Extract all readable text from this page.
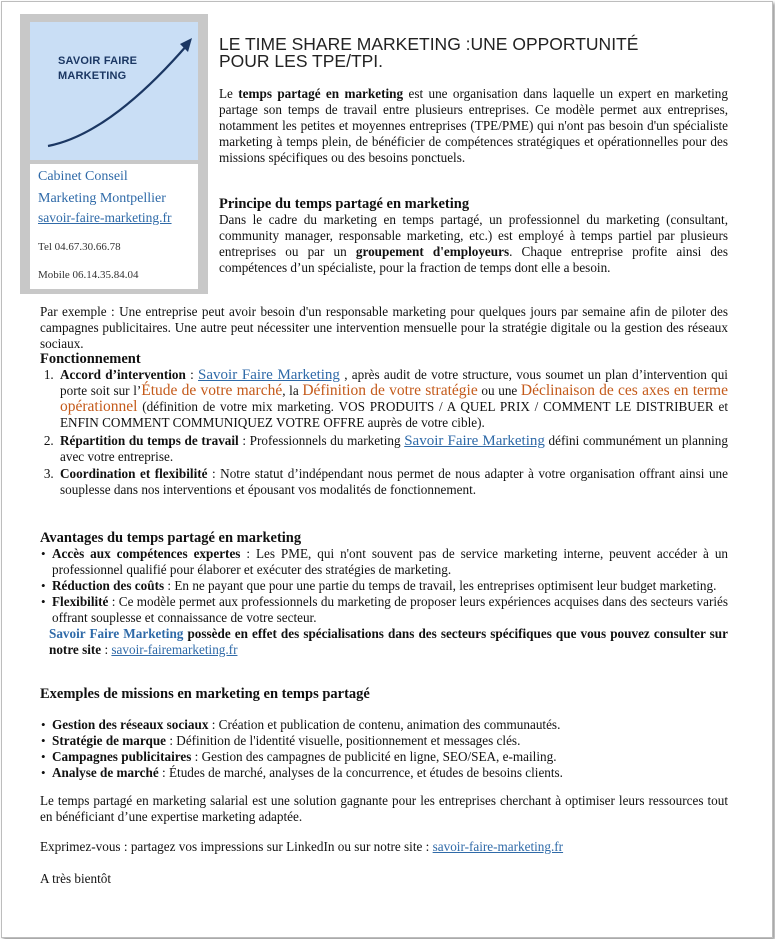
SAVOIR FAIRE
MARKETING
Cabinet Conseil
Marketing Montpellier
savoir-faire-marketing.fr
Tel 04.67.30.66.78
Mobile 06.14.35.84.04
LE TIME SHARE MARKETING :UNE OPPORTUNITÉ
POUR LES TPE/TPI.
Le temps partagé en marketing est une organisation dans laquelle un expert en marketing partage son temps de travail entre plusieurs entreprises. Ce modèle permet aux entreprises, notamment les petites et moyennes entreprises (TPE/PME) qui n'ont pas besoin d'un spécialiste marketing à temps plein, de bénéficier de compétences stratégiques et opérationnelles pour des missions spécifiques ou des besoins ponctuels.
Principe du temps partagé en marketing
Dans le cadre du marketing en temps partagé, un professionnel du marketing (consultant, community manager, responsable marketing, etc.) est employé à temps partiel par plusieurs entreprises ou par un groupement d'employeurs. Chaque entreprise profite ainsi des compétences d’un spécialiste, pour la fraction de temps dont elle a besoin.
Par exemple : Une entreprise peut avoir besoin d'un responsable marketing pour quelques jours par semaine afin de piloter des campagnes publicitaires. Une autre peut nécessiter une intervention mensuelle pour la stratégie digitale ou la gestion des réseaux sociaux.
Fonctionnement
1. Accord d’intervention : Savoir Faire Marketing , après audit de votre structure, vous soumet un plan d’intervention qui porte soit sur l’Étude de votre marché, la Définition de votre stratégie ou une Déclinaison de ces axes en terme opérationnel (définition de votre mix marketing. VOS PRODUITS / A QUEL PRIX / COMMENT LE DISTRIBUER et ENFIN COMMENT COMMUNIQUEZ VOTRE OFFRE auprès de votre cible).
2. Répartition du temps de travail : Professionnels du marketing Savoir Faire Marketing défini communément un planning avec votre entreprise.
3. Coordination et flexibilité : Notre statut d’indépendant nous permet de nous adapter à votre organisation offrant ainsi une souplesse dans nos interventions et épousant vos modalités de fonctionnement.
Avantages du temps partagé en marketing
• Accès aux compétences expertes : Les PME, qui n'ont souvent pas de service marketing interne, peuvent accéder à un professionnel qualifié pour élaborer et exécuter des stratégies de marketing.
• Réduction des coûts : En ne payant que pour une partie du temps de travail, les entreprises optimisent leur budget marketing.
• Flexibilité : Ce modèle permet aux professionnels du marketing de proposer leurs expériences acquises dans des secteurs variés offrant souplesse et connaissance de votre secteur.
Savoir Faire Marketing possède en effet des spécialisations dans des secteurs spécifiques que vous pouvez consulter sur notre site : savoir-fairemarketing.fr
Exemples de missions en marketing en temps partagé
• Gestion des réseaux sociaux : Création et publication de contenu, animation des communautés.
• Stratégie de marque : Définition de l'identité visuelle, positionnement et messages clés.
• Campagnes publicitaires : Gestion des campagnes de publicité en ligne, SEO/SEA, e-mailing.
• Analyse de marché : Études de marché, analyses de la concurrence, et études de besoins clients.
Le temps partagé en marketing salarial est une solution gagnante pour les entreprises cherchant à optimiser leurs ressources tout en bénéficiant d’une expertise marketing adaptée.
Exprimez-vous : partagez vos impressions sur LinkedIn ou sur notre site : savoir-faire-marketing.fr
A très bientôt
